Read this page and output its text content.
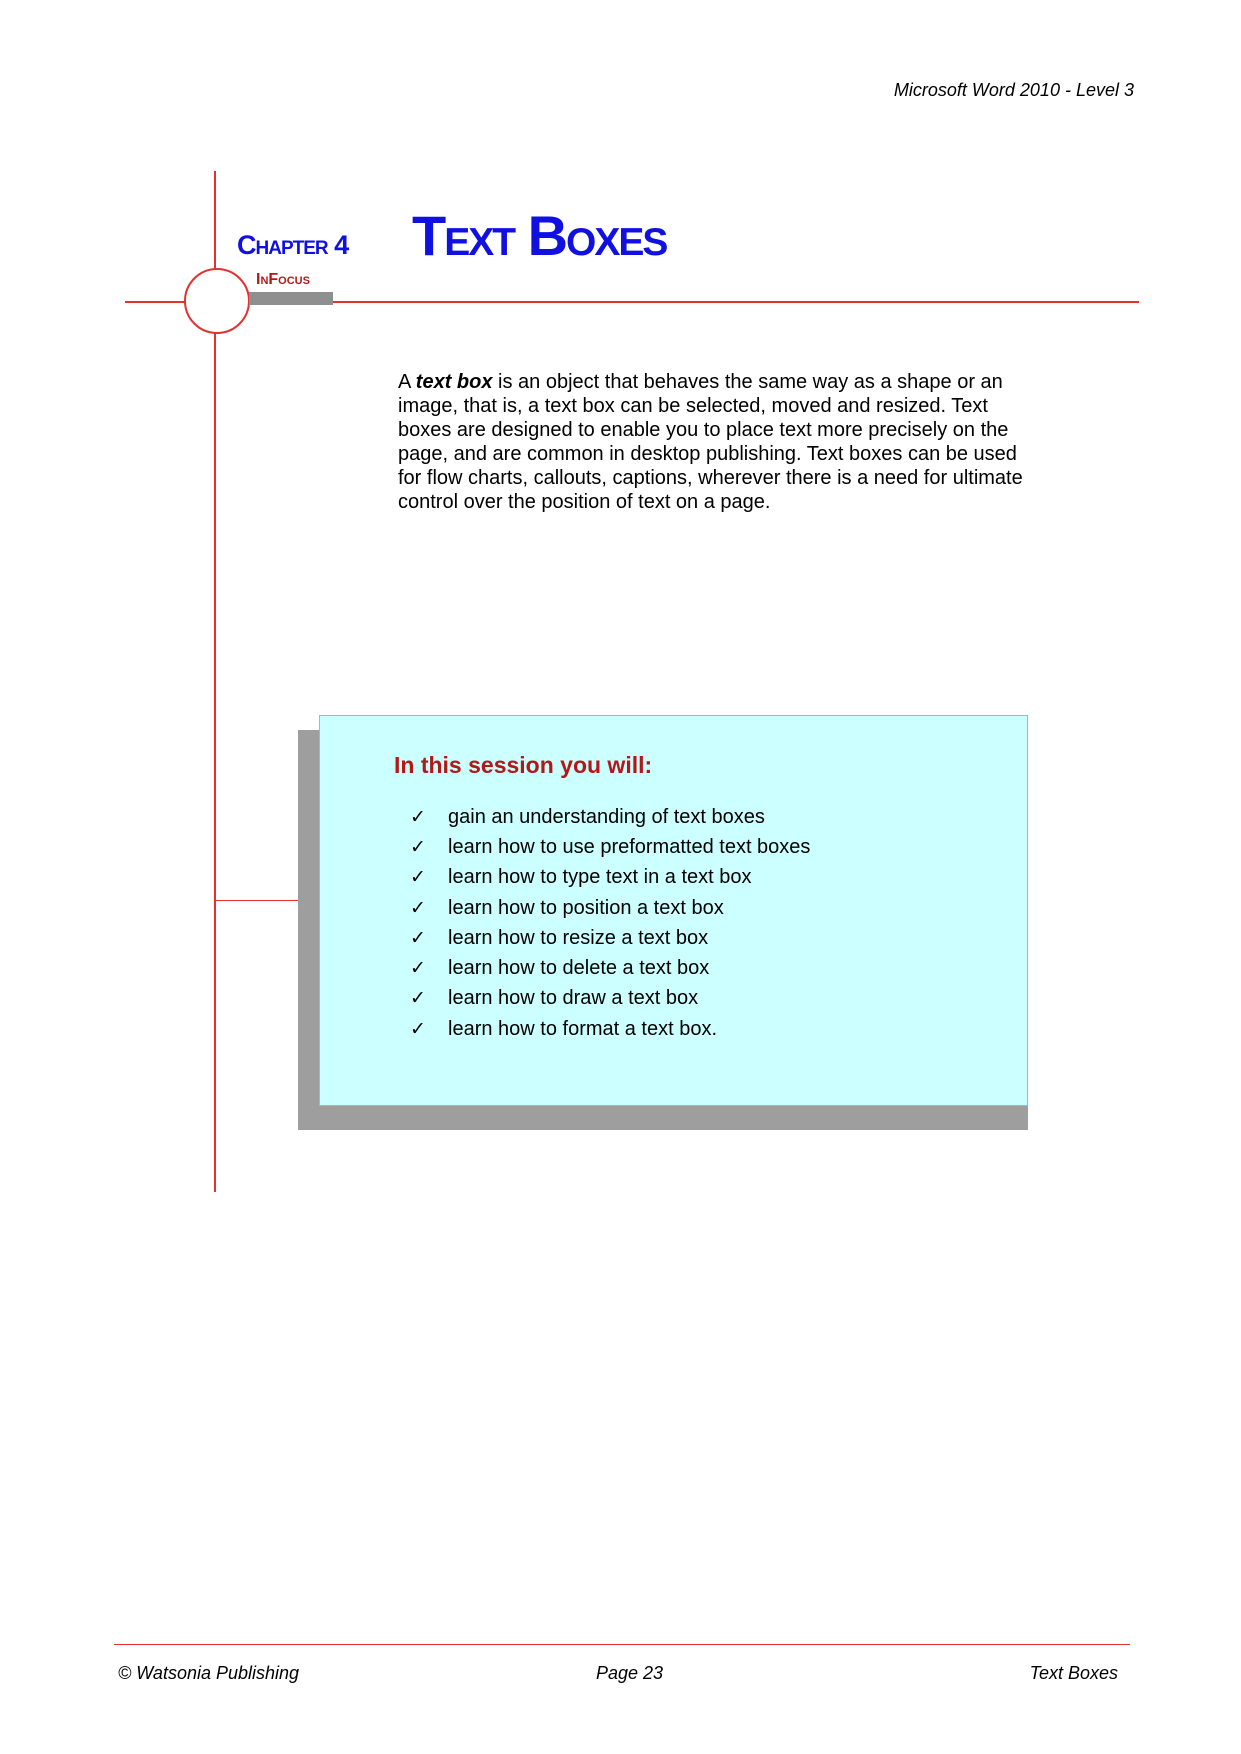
Microsoft Word 2010 - Level 3
Chapter 4
InFocus
Text Boxes

A text box is an object that behaves the same way as a shape or an image, that is, a text box can be selected, moved and resized. Text boxes are designed to enable you to place text more precisely on the page, and are common in desktop publishing. Text boxes can be used for flow charts, callouts, captions, wherever there is a need for ultimate control over the position of text on a page.

In this session you will:
✓	gain an understanding of text boxes
✓	learn how to use preformatted text boxes
✓	learn how to type text in a text box
✓	learn how to position a text box
✓	learn how to resize a text box
✓	learn how to delete a text box
✓	learn how to draw a text box
✓	learn how to format a text box.
© Watsonia Publishing	Page 23	Text Boxes
